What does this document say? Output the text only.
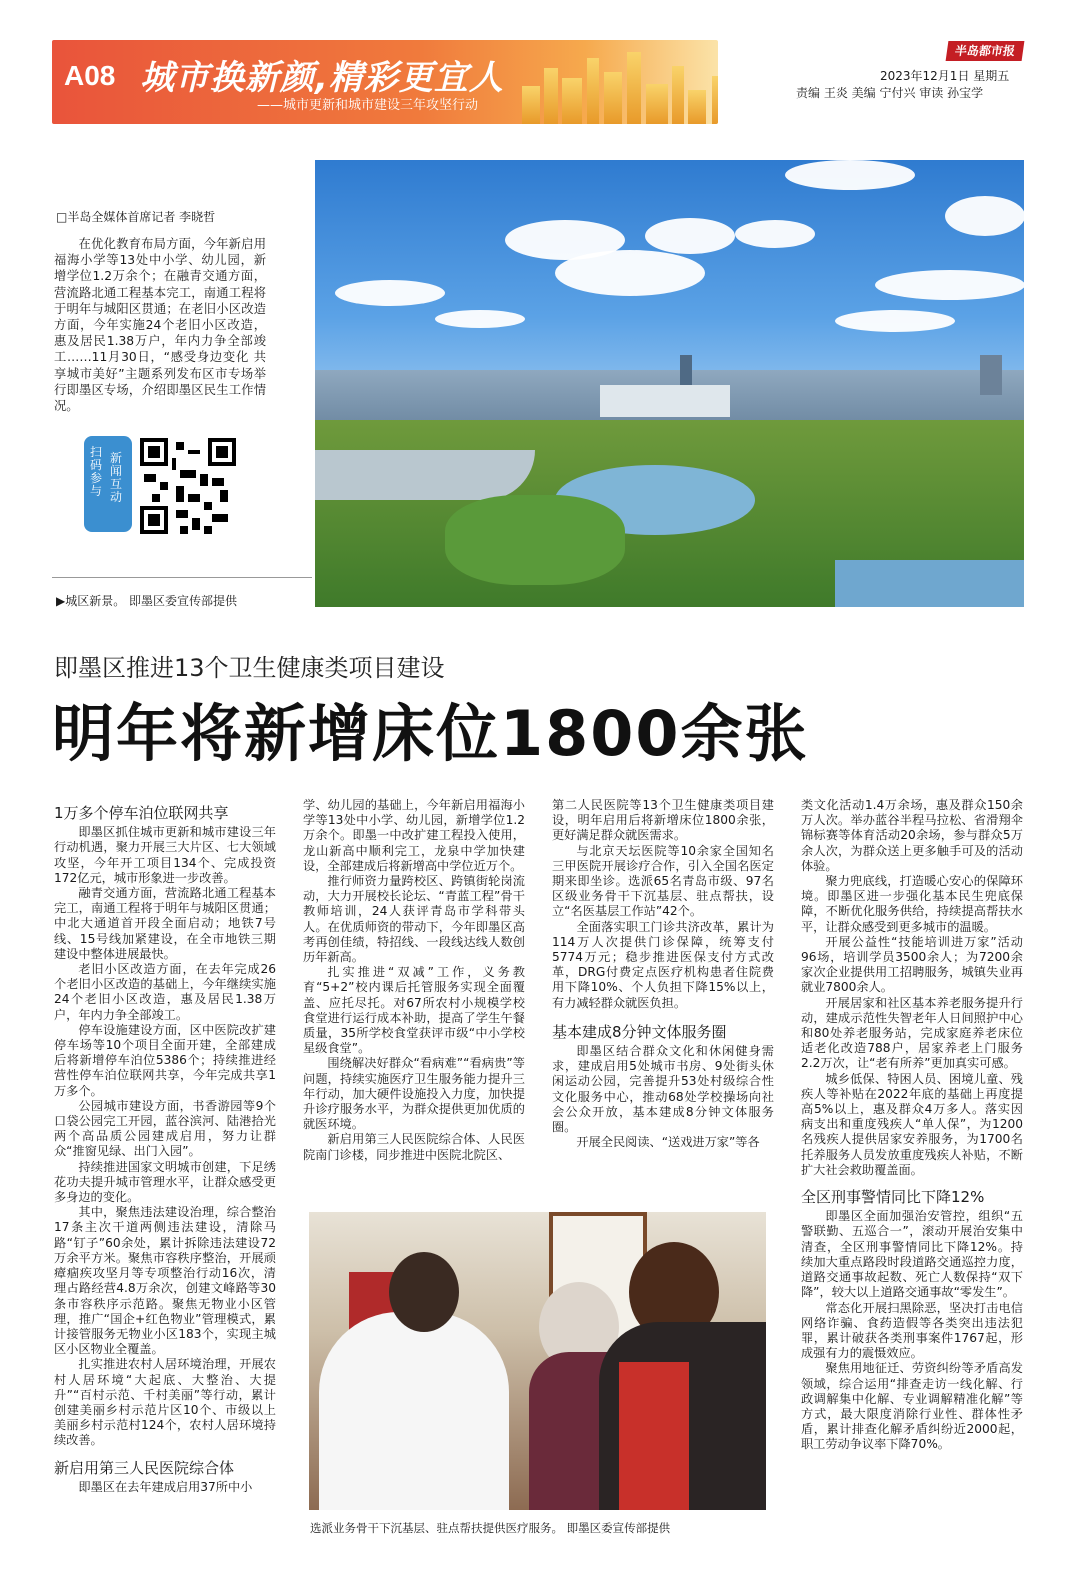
A08 城市换新颜,精彩更宜人
——城市更新和城市建设三年攻坚行动
半岛都市报
2023年12月1日 星期五
责编 王炎 美编 宁付兴 审读 孙宝学
□半岛全媒体首席记者 李晓哲
在优化教育布局方面，今年新启用福海小学等13处中小学、幼儿园，新增学位1.2万余个；在融青交通方面，营流路北通工程基本完工，南通工程将于明年与城阳区贯通；在老旧小区改造方面，今年实施24个老旧小区改造，惠及居民1.38万户，年内力争全部竣工……11月30日，“感受身边变化 共享城市美好”主题系列发布区市专场举行即墨区专场，介绍即墨区民生工作情况。
扫码参与
新闻互动
▶城区新景。 即墨区委宣传部提供
即墨区推进13个卫生健康类项目建设
明年将新增床位1800余张
1万多个停车泊位联网共享

即墨区抓住城市更新和城市建设三年行动机遇，聚力开展三大片区、七大领域攻坚，今年开工项目134个、完成投资172亿元，城市形象进一步改善。

融青交通方面，营流路北通工程基本完工，南通工程将于明年与城阳区贯通；中北大通道首开段全面启动；地铁7号线、15号线加紧建设，在全市地铁三期建设中整体进展最快。

老旧小区改造方面，在去年完成26个老旧小区改造的基础上，今年继续实施24个老旧小区改造，惠及居民1.38万户，年内力争全部竣工。

停车设施建设方面，区中医院改扩建停车场等10个项目全面开建，全部建成后将新增停车泊位5386个；持续推进经营性停车泊位联网共享，今年完成共享1万多个。

公园城市建设方面，书香游园等9个口袋公园完工开园，蓝谷滨河、陆港拾光两个高品质公园建成启用，努力让群众“推窗见绿、出门入园”。

持续推进国家文明城市创建，下足绣花功夫提升城市管理水平，让群众感受更多身边的变化。

其中，聚焦违法建设治理，综合整治17条主次干道两侧违法建设，清除马路“钉子”60余处，累计拆除违法建设72万余平方米。聚焦市容秩序整治，开展顽瘴痼疾攻坚月等专项整治行动16次，清理占路经营4.8万余次，创建文峰路等30条市容秩序示范路。聚焦无物业小区管理，推广“国企+红色物业”管理模式，累计接管服务无物业小区183个，实现主城区小区物业全覆盖。

扎实推进农村人居环境治理，开展农村人居环境“大起底、大整治、大提升”“百村示范、千村美丽”等行动，累计创建美丽乡村示范片区10个、市级以上美丽乡村示范村124个，农村人居环境持续改善。

新启用第三人民医院综合体

即墨区在去年建成启用37所中小

学、幼儿园的基础上，今年新启用福海小学等13处中小学、幼儿园，新增学位1.2万余个。即墨一中改扩建工程投入使用，龙山新高中顺利完工，龙泉中学加快建设，全部建成后将新增高中学位近万个。

推行师资力量跨校区、跨镇街轮岗流动，大力开展校长论坛、“青蓝工程”骨干教师培训，24人获评青岛市学科带头人。在优质师资的带动下，今年即墨区高考再创佳绩，特招线、一段线达线人数创历年新高。

扎实推进“双减”工作，义务教育“5+2”校内课后托管服务实现全面覆盖、应托尽托。对67所农村小规模学校食堂进行运行成本补助，提高了学生午餐质量，35所学校食堂获评市级“中小学校星级食堂”。

围绕解决好群众“看病难”“看病贵”等问题，持续实施医疗卫生服务能力提升三年行动，加大硬件设施投入力度，加快提升诊疗服务水平，为群众提供更加优质的就医环境。

新启用第三人民医院综合体、人民医院南门诊楼，同步推进中医院北院区、

第二人民医院等13个卫生健康类项目建设，明年启用后将新增床位1800余张，更好满足群众就医需求。

与北京天坛医院等10余家全国知名三甲医院开展诊疗合作，引入全国名医定期来即坐诊。选派65名青岛市级、97名区级业务骨干下沉基层、驻点帮扶，设立“名医基层工作站”42个。

全面落实职工门诊共济改革，累计为114万人次提供门诊保障，统筹支付5774万元；稳步推进医保支付方式改革，DRG付费定点医疗机构患者住院费用下降10%、个人负担下降15%以上，有力减轻群众就医负担。

基本建成8分钟文体服务圈

即墨区结合群众文化和休闲健身需求，建成启用5处城市书房、9处街头休闲运动公园，完善提升53处村级综合性文化服务中心，推动68处学校操场向社会公众开放，基本建成8分钟文体服务圈。

开展全民阅读、“送戏进万家”等各

类文化活动1.4万余场，惠及群众150余万人次。举办蓝谷半程马拉松、省滑翔伞锦标赛等体育活动20余场，参与群众5万余人次，为群众送上更多触手可及的活动体验。

聚力兜底线，打造暖心安心的保障环境。即墨区进一步强化基本民生兜底保障，不断优化服务供给，持续提高帮扶水平，让群众感受到更多城市的温暖。

开展公益性“技能培训进万家”活动96场，培训学员3500余人；为7200余家次企业提供用工招聘服务，城镇失业再就业7800余人。

开展居家和社区基本养老服务提升行动，建成示范性失智老年人日间照护中心和80处养老服务站，完成家庭养老床位适老化改造788户，居家养老上门服务2.2万次，让“老有所养”更加真实可感。

城乡低保、特困人员、困境儿童、残疾人等补贴在2022年底的基础上再度提高5%以上，惠及群众4万多人。落实因病支出和重度残疾人“单人保”，为1200名残疾人提供居家安养服务，为1700名托养服务人员发放重度残疾人补贴，不断扩大社会救助覆盖面。

全区刑事警情同比下降12%

即墨区全面加强治安管控，组织“五警联勤、五巡合一”，滚动开展治安集中清查，全区刑事警情同比下降12%。持续加大重点路段时段道路交通巡控力度，道路交通事故起数、死亡人数保持“双下降”，较大以上道路交通事故“零发生”。

常态化开展扫黑除恶，坚决打击电信网络诈骗、食药造假等各类突出违法犯罪，累计破获各类刑事案件1767起，形成强有力的震慑效应。

聚焦用地征迁、劳资纠纷等矛盾高发领域，综合运用“排查走访一线化解、行政调解集中化解、专业调解精准化解”等方式，最大限度消除行业性、群体性矛盾，累计排查化解矛盾纠纷近2000起，职工劳动争议率下降70%。

选派业务骨干下沉基层、驻点帮扶提供医疗服务。 即墨区委宣传部提供
